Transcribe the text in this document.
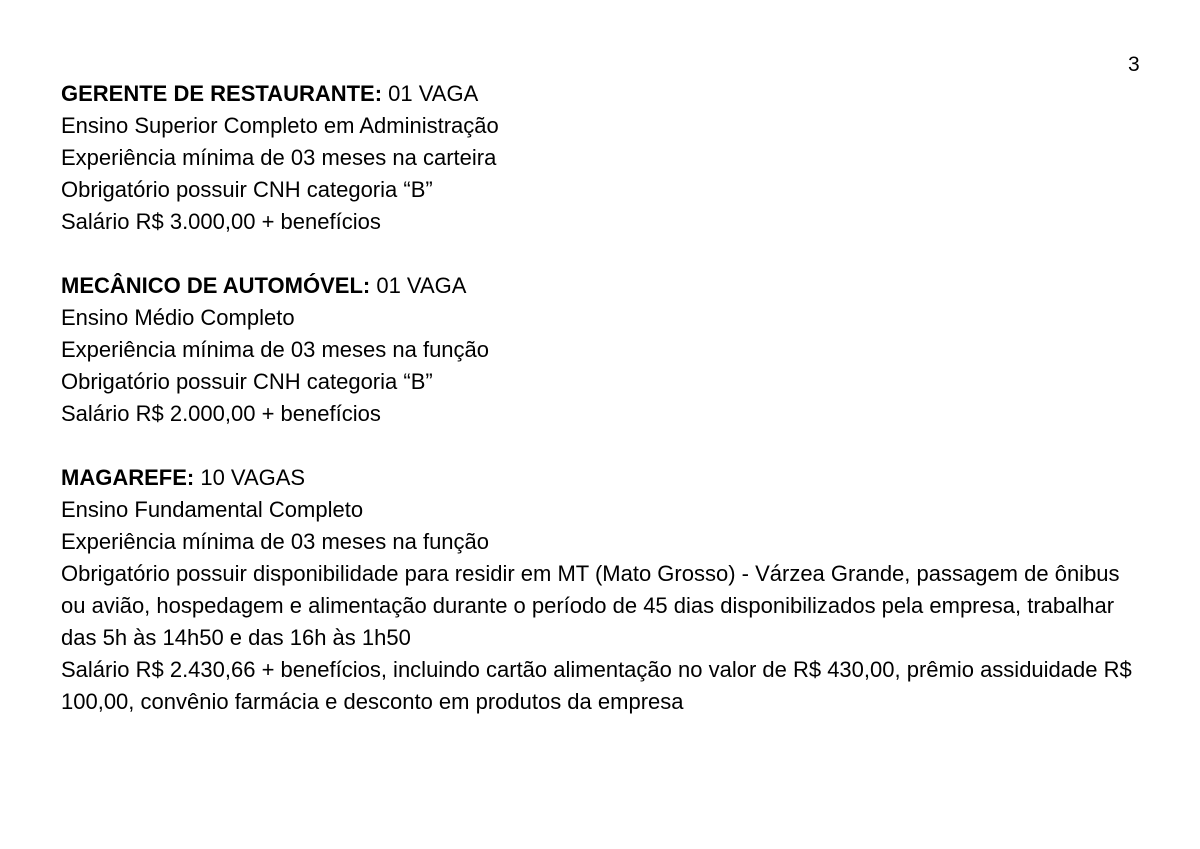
3

GERENTE DE RESTAURANTE: 01 VAGA

Ensino Superior Completo em Administração

Experiência mínima de 03 meses na carteira

Obrigatório possuir CNH categoria “B”

Salário R$ 3.000,00 + benefícios

MECÂNICO DE AUTOMÓVEL: 01 VAGA

Ensino Médio Completo

Experiência mínima de 03 meses na função

Obrigatório possuir CNH categoria “B”

Salário R$ 2.000,00 + benefícios

MAGAREFE: 10 VAGAS

Ensino Fundamental Completo

Experiência mínima de 03 meses na função

Obrigatório possuir disponibilidade para residir em MT (Mato Grosso) - Várzea Grande, passagem de ônibus ou avião, hospedagem e alimentação durante o período de 45 dias disponibilizados pela empresa, trabalhar das 5h às 14h50 e das 16h às 1h50

Salário R$ 2.430,66 + benefícios, incluindo cartão alimentação no valor de R$ 430,00, prêmio assiduidade R$ 100,00, convênio farmácia e desconto em produtos da empresa
